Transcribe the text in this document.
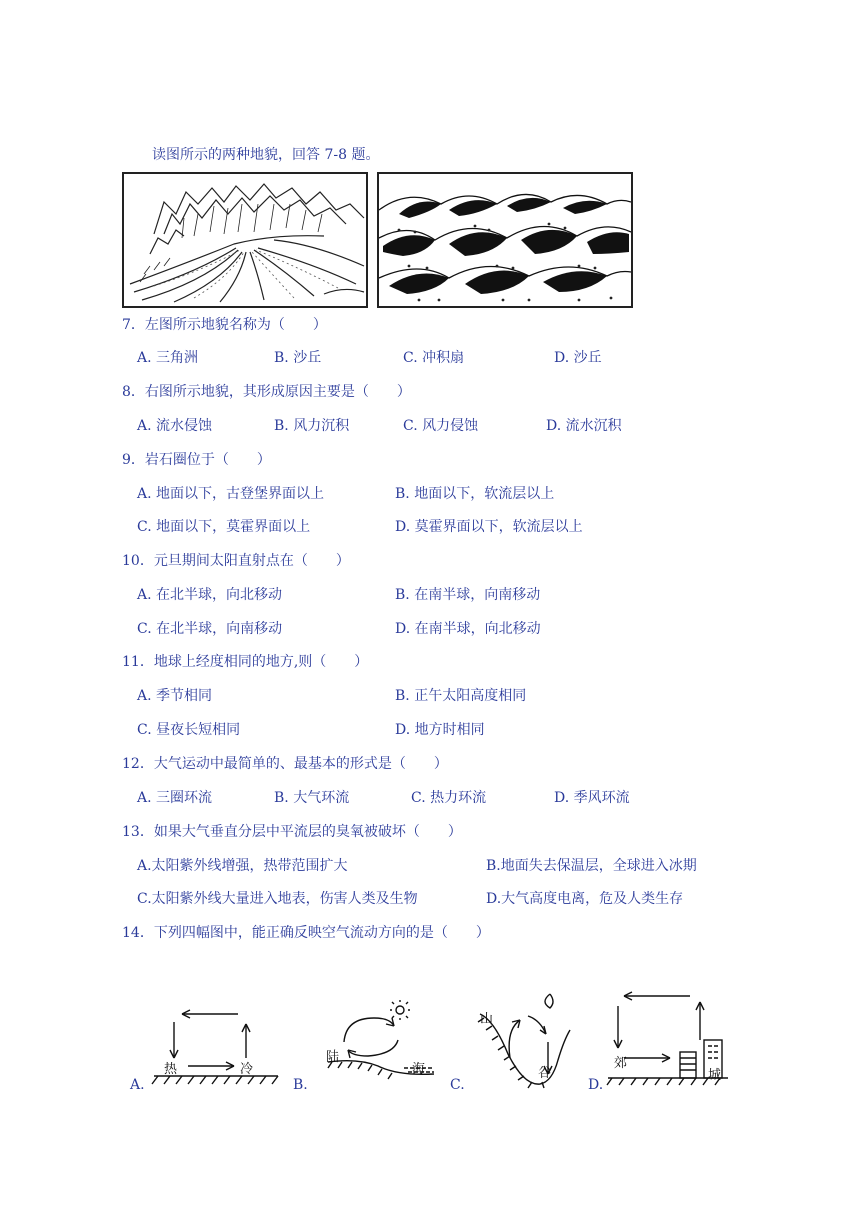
读图所示的两种地貌，回答 7-8 题。
7．左图所示地貌名称为（　　）
A. 三角洲	B. 沙丘	C. 冲积扇	D. 沙丘
8．右图所示地貌，其形成原因主要是（　　）
A. 流水侵蚀	B. 风力沉积	C. 风力侵蚀	D. 流水沉积
9．岩石圈位于（　　）
A. 地面以下，古登堡界面以上	B. 地面以下，软流层以上
C. 地面以下，莫霍界面以上	D. 莫霍界面以下，软流层以上
10．元旦期间太阳直射点在（　　）
A. 在北半球，向北移动	B. 在南半球，向南移动
C. 在北半球，向南移动	D. 在南半球，向北移动
11．地球上经度相同的地方,则（　　）
A. 季节相同	B. 正午太阳高度相同
C. 昼夜长短相同	D. 地方时相同
12．大气运动中最简单的、最基本的形式是（　　）
A. 三圈环流	B. 大气环流	C. 热力环流	D. 季风环流
13．如果大气垂直分层中平流层的臭氧被破坏（　　）
A.太阳紫外线增强，热带范围扩大	B.地面失去保温层，全球进入冰期
C.太阳紫外线大量进入地表，伤害人类及生物	D.大气高度电离，危及人类生存
14．下列四幅图中，能正确反映空气流动方向的是（　　）
A.
热	冷
B.
陆
海
C.
山
谷
D.
郊
城
